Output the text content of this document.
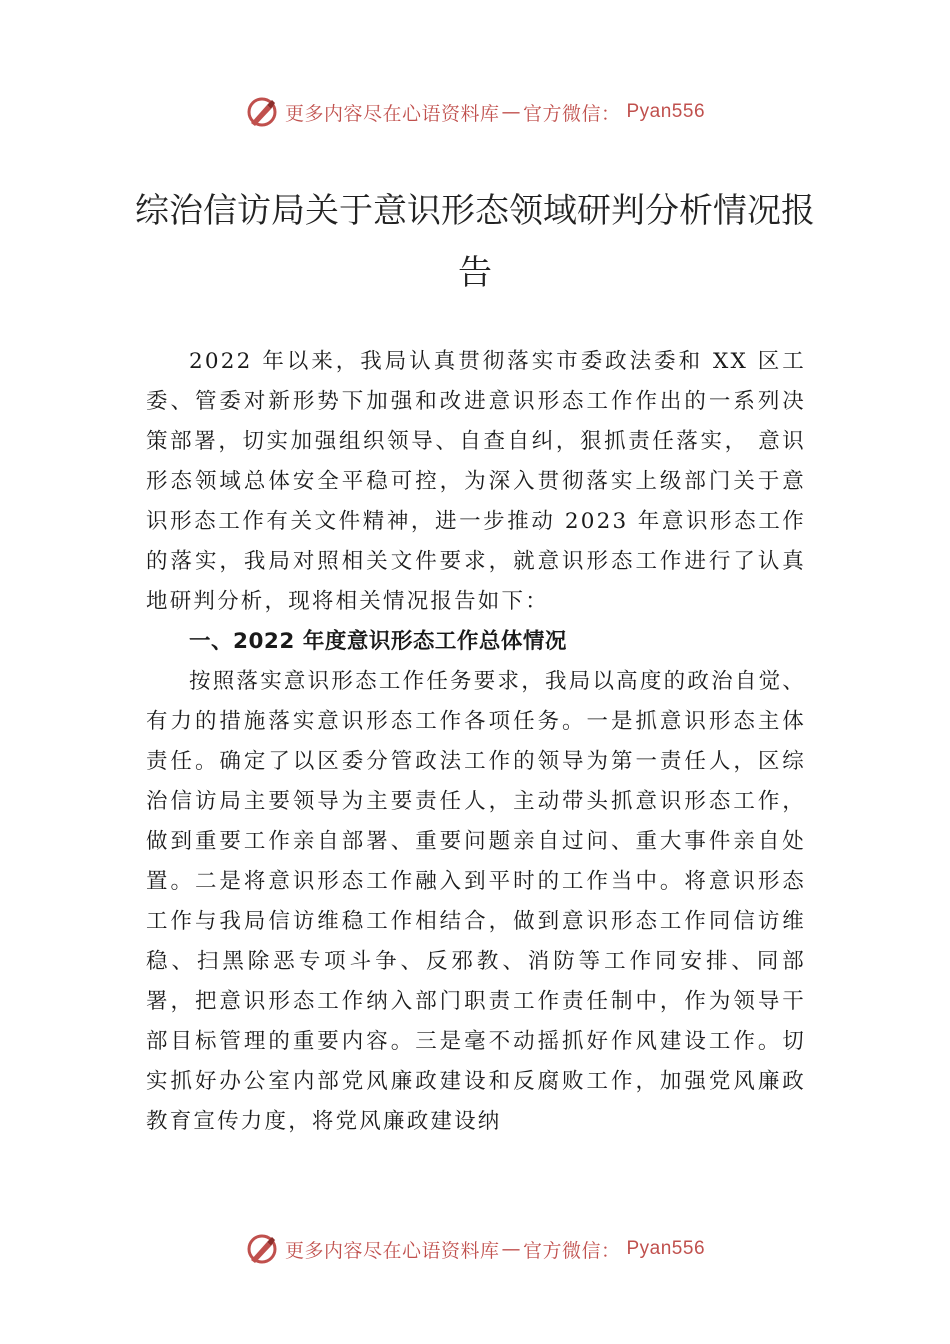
更多内容尽在心语资料库 — 官方微信： Pyan556
综治信访局关于意识形态领域研判分析情况报告

2022 年以来，我局认真贯彻落实市委政法委和 XX 区工委、管委对新形势下加强和改进意识形态工作作出的一系列决策部署，切实加强组织领导、自查自纠，狠抓责任落实， 意识形态领域总体安全平稳可控，为深入贯彻落实上级部门关于意识形态工作有关文件精神，进一步推动 2023 年意识形态工作的落实，我局对照相关文件要求，就意识形态工作进行了认真地研判分析，现将相关情况报告如下：

一、2022 年度意识形态工作总体情况

按照落实意识形态工作任务要求，我局以高度的政治自觉、有力的措施落实意识形态工作各项任务。一是抓意识形态主体责任。确定了以区委分管政法工作的领导为第一责任人，区综治信访局主要领导为主要责任人，主动带头抓意识形态工作，做到重要工作亲自部署、重要问题亲自过问、重大事件亲自处置。二是将意识形态工作融入到平时的工作当中。将意识形态工作与我局信访维稳工作相结合，做到意识形态工作同信访维稳、扫黑除恶专项斗争、反邪教、消防等工作同安排、同部署，把意识形态工作纳入部门职责工作责任制中，作为领导干部目标管理的重要内容。三是毫不动摇抓好作风建设工作。切实抓好办公室内部党风廉政建设和反腐败工作，加强党风廉政教育宣传力度，将党风廉政建设纳

更多内容尽在心语资料库 — 官方微信： Pyan556
